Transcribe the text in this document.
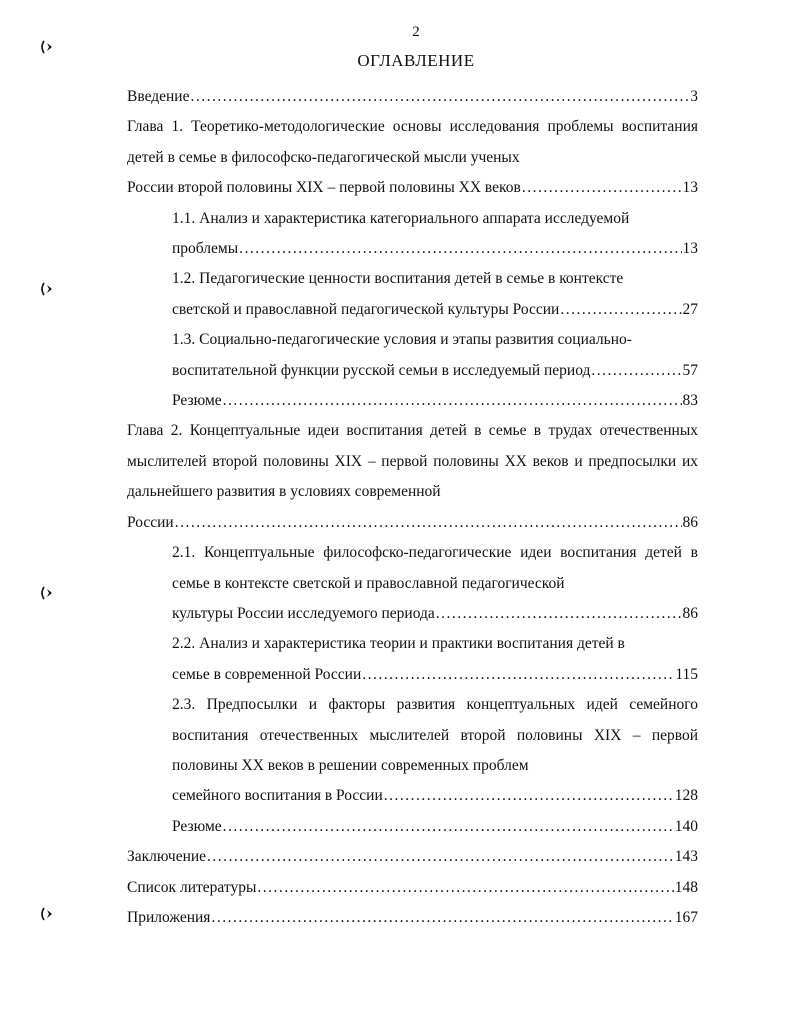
2
ОГЛАВЛЕНИЕ
Введение .....	3
Глава 1. Теоретико-методологические основы исследования проблемы воспитания детей в семье в философско-педагогической мысли ученых
России второй половины XIX – первой половины XX веков .....	13
1.1. Анализ и характеристика категориального аппарата исследуемой
проблемы .....	13
1.2. Педагогические ценности воспитания детей в семье в контексте
светской и православной педагогической культуры России .....	27
1.3. Социально-педагогические условия и этапы развития социально-
воспитательной функции русской семьи в исследуемый период .....	57
Резюме .....	83
Глава 2. Концептуальные идеи воспитания детей в семье в трудах отечественных мыслителей второй половины XIX – первой половины XX веков и предпосылки их дальнейшего развития в условиях современной
России .....	86
2.1. Концептуальные философско-педагогические идеи воспитания детей в семье в контексте светской и православной педагогической
культуры России исследуемого периода .....	86
2.2. Анализ и характеристика теории и практики воспитания детей в
семье в современной России .....	115
2.3. Предпосылки и факторы развития концептуальных идей семейного воспитания отечественных мыслителей второй половины XIX – первой половины XX веков в решении современных проблем
семейного воспитания в России .....	128
Резюме .....	140
Заключение .....	143
Список литературы .....	148
Приложения .....	167
